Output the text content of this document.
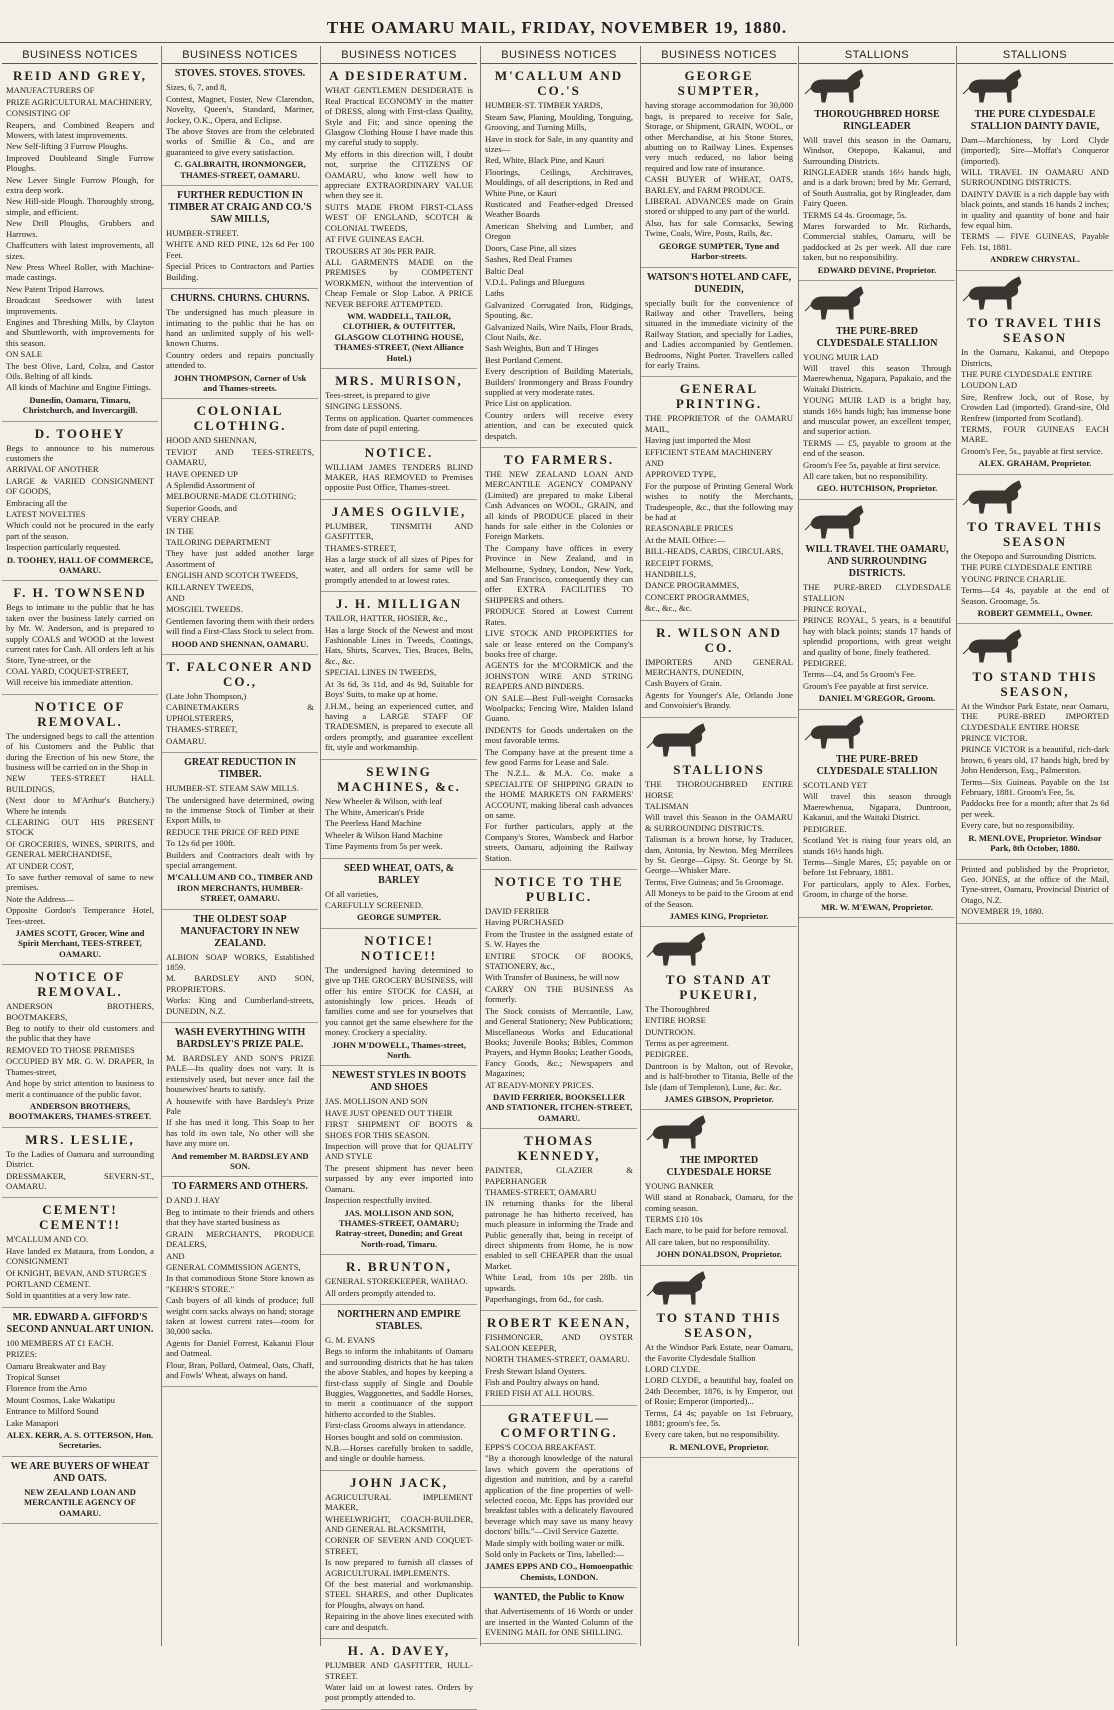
THE OAMARU MAIL, FRIDAY, NOVEMBER 19, 1880.
BUSINESS NOTICES
REID AND GREY,
MANUFACTURERS OF
PRIZE AGRICULTURAL MACHINERY,
CONSISTING OF
Reapers, and Combined Reapers and Mowers, with latest improvements.
New Self-lifting 3 Furrow Ploughs.
Improved Doubleand Single Furrow Ploughs.
New Lever Single Furrow Plough, for extra deep work.
New Hill-side Plough. Thoroughly strong, simple, and efficient.
New Drill Ploughs, Grubbers and Harrows.
Chaffcutters with latest improvements, all sizes.
New Press Wheel Roller, with Machine-made castings.
New Patent Tripod Harrows.
Broadcast Seedsower with latest improvements.
Engines and Threshing Mills, by Clayton and Shuttleworth, with improvements for this season.
ON SALE
The best Olive, Lard, Colza, and Castor Oils. Belting of all kinds.
All kinds of Machine and Engine Fittings.
Dunedin, Oamaru, Timaru, Christchurch, and Invercargill.
D. TOOHEY
Begs to announce to his numerous customers the
ARRIVAL OF ANOTHER
LARGE & VARIED CONSIGNMENT OF GOODS,
Embracing all the
LATEST NOVELTIES
Which could not be procured in the early part of the season.
Inspection particularly requested.
D. TOOHEY, HALL OF COMMERCE, OAMARU.
F. H. TOWNSEND
Begs to intimate to the public that he has taken over the business lately carried on by Mr. W. Anderson, and is prepared to supply COALS and WOOD at the lowest current rates for Cash. All orders left at his Store, Tyne-street, or the
COAL YARD, COQUET-STREET,
Will receive his immediate attention.
NOTICE OF REMOVAL.
The undersigned begs to call the attention of his Customers and the Public that during the Erection of his new Store, the business will be carried on in the Shop in
NEW TEES-STREET HALL BUILDINGS,
(Next door to M'Arthur's Butchery.) Where he intends
CLEARING OUT HIS PRESENT STOCK
Of GROCERIES, WINES, SPIRITS, and GENERAL MERCHANDISE,
AT UNDER COST,
To save further removal of same to new premises.
Note the Address—
Opposite Gordon's Temperance Hotel, Tees-street.
JAMES SCOTT, Grocer, Wine and Spirit Merchant, TEES-STREET, OAMARU.
NOTICE OF REMOVAL.
ANDERSON BROTHERS, BOOTMAKERS,
Beg to notify to their old customers and the public that they have
REMOVED TO THOSE PREMISES
OCCUPIED BY MR. G. W. DRAPER, In Thames-street,
And hope by strict attention to business to merit a continuance of the public favor.
ANDERSON BROTHERS, BOOTMAKERS, THAMES-STREET.
MRS. LESLIE,
To the Ladies of Oamaru and surrounding District.
DRESSMAKER, SEVERN-ST., OAMARU.
CEMENT! CEMENT!!
M'CALLUM AND CO.
Have landed ex Mataura, from London, a CONSIGNMENT
Of KNIGHT, BEVAN, AND STURGE'S
PORTLAND CEMENT.
Sold in quantities at a very low rate.
MR. EDWARD A. GIFFORD'S SECOND ANNUAL ART UNION.
100 MEMBERS AT £1 EACH.
PRIZES:
Oamaru Breakwater and Bay
Tropical Sunset
Florence from the Arno
Mount Cosmos, Lake Wakatipu
Entrance to Milford Sound
Lake Manapori
ALEX. KERR, A. S. OTTERSON, Hon. Secretaries.
WE ARE BUYERS OF WHEAT AND OATS.
NEW ZEALAND LOAN AND MERCANTILE AGENCY OF OAMARU.
BUSINESS NOTICES
STOVES. STOVES. STOVES.
Sizes, 6, 7, and 8,
Contest, Magnet, Foster, New Clarendon, Novelty, Queen's, Standard, Mariner, Jockey, O.K., Opera, and Eclipse.
The above Stoves are from the celebrated works of Smillie & Co., and are guaranteed to give every satisfaction.
C. GALBRAITH, IRONMONGER, THAMES-STREET, OAMARU.
FURTHER REDUCTION IN TIMBER AT CRAIG AND CO.'S SAW MILLS,
HUMBER-STREET.
WHITE AND RED PINE, 12s 6d Per 100 Feet.
Special Prices to Contractors and Parties Building.
CHURNS. CHURNS. CHURNS.
The undersigned has much pleasure in intimating to the public that he has on hand an unlimited supply of his well-known Churns.
Country orders and repairs punctually attended to.
JOHN THOMPSON, Corner of Usk and Thames-streets.
COLONIAL CLOTHING.
HOOD AND SHENNAN,
TEVIOT AND TEES-STREETS, OAMARU,
HAVE OPENED UP
A Splendid Assortment of
MELBOURNE-MADE CLOTHING;
Superior Goods, and
VERY CHEAP.
IN THE
TAILORING DEPARTMENT
They have just added another large Assortment of
ENGLISH AND SCOTCH TWEEDS,
KILLARNEY TWEEDS,
AND
MOSGIEL TWEEDS.
Gentlemen favoring them with their orders will find a First-Class Stock to select from.
HOOD AND SHENNAN, OAMARU.
T. FALCONER AND CO.,
(Late John Thompson,)
CABINETMAKERS & UPHOLSTERERS,
THAMES-STREET,
OAMARU.
GREAT REDUCTION IN TIMBER.
HUMBER-ST. STEAM SAW MILLS.
The undersigned have determined, owing to the immense Stock of Timber at their Export Mills, to
REDUCE THE PRICE OF RED PINE
To 12s 6d per 100ft.
Builders and Contractors dealt with by special arrangement.
M'CALLUM AND CO., TIMBER AND IRON MERCHANTS, HUMBER-STREET, OAMARU.
THE OLDEST SOAP MANUFACTORY IN NEW ZEALAND.
ALBION SOAP WORKS, Established 1859.
M. BARDSLEY AND SON, PROPRIETORS.
Works: King and Cumberland-streets, DUNEDIN, N.Z.
WASH EVERYTHING WITH BARDSLEY'S PRIZE PALE.
M. BARDSLEY AND SON'S PRIZE PALE—Its quality does not vary. It is extensively used, but never once fail the housewives' hearts to satisfy.
A housewife with have Bardsley's Prize Pale
If she has used it long. This Soap to her has told its own tale, No other will she have any more on.
And remember M. BARDSLEY AND SON.
TO FARMERS AND OTHERS.
D AND J. HAY
Beg to intimate to their friends and others that they have started business as
GRAIN MERCHANTS, PRODUCE DEALERS,
AND
GENERAL COMMISSION AGENTS,
In that commodious Stone Store known as "KEHR'S STORE."
Cash buyers of all kinds of produce; full weight corn sacks always on hand; storage taken at lowest current rates—room for 30,000 sacks.
Agents for Daniel Forrest, Kakanui Flour and Oatmeal.
Flour, Bran, Pollard, Oatmeal, Oats, Chaff, and Fowls' Wheat, always on hand.
BUSINESS NOTICES
A DESIDERATUM.
WHAT GENTLEMEN DESIDERATE is Real Practical ECONOMY in the matter of DRESS, along with First-class Quality, Style and Fit; and since opening the Glasgow Clothing House I have made this my careful study to supply.
My efforts in this direction will, I doubt not, surprise the CITIZENS OF OAMARU, who know well how to appreciate EXTRAORDINARY VALUE when they see it.
SUITS MADE FROM FIRST-CLASS WEST OF ENGLAND, SCOTCH & COLONIAL TWEEDS,
AT FIVE GUINEAS EACH.
TROUSERS AT 30s PER PAIR.
ALL GARMENTS MADE on the PREMISES by COMPETENT WORKMEN, without the intervention of Cheap Female or Slop Labor. A PRICE NEVER BEFORE ATTEMPTED.
WM. WADDELL, TAILOR, CLOTHIER, & OUTFITTER, GLASGOW CLOTHING HOUSE, THAMES-STREET, (Next Alliance Hotel.)
MRS. MURISON,
Tees-street, is prepared to give
SINGING LESSONS.
Terms on application. Quarter commences from date of pupil entering.
NOTICE.
WILLIAM JAMES TENDERS BLIND MAKER, HAS REMOVED to Premises opposite Post Office, Thames-street.
JAMES OGILVIE,
PLUMBER, TINSMITH AND GASFITTER,
THAMES-STREET,
Has a large stock of all sizes of Pipes for water, and all orders for same will be promptly attended to at lowest rates.
J. H. MILLIGAN
TAILOR, HATTER, HOSIER, &c.,
Has a large Stock of the Newest and most Fashionable Lines in Tweeds, Coatings, Hats, Shirts, Scarves, Ties, Braces, Belts, &c., &c.
SPECIAL LINES IN TWEEDS,
At 3s 6d, 3s 11d, and 4s 9d, Suitable for Boys' Suits, to make up at home.
J.H.M., being an experienced cutter, and having a LARGE STAFF OF TRADESMEN, is prepared to execute all orders promptly, and guarantee excellent fit, style and workmanship.
SEWING MACHINES, &c.
New Wheeler & Wilson, with leaf
The White, American's Pride
The Peerless Hand Machine
Wheeler & Wilson Hand Machine
Time Payments from 5s per week.
SEED WHEAT, OATS, & BARLEY
Of all varieties,
CAREFULLY SCREENED.
GEORGE SUMPTER.
NOTICE! NOTICE!!
The undersigned having determined to give up THE GROCERY BUSINESS, will offer his entire STOCK for CASH, at astonishingly low prices. Heads of families come and see for yourselves that you cannot get the same elsewhere for the money. Crockery a speciality.
JOHN M'DOWELL, Thames-street, North.
NEWEST STYLES IN BOOTS AND SHOES
JAS. MOLLISON AND SON
HAVE JUST OPENED OUT THEIR
FIRST SHIPMENT OF BOOTS & SHOES FOR THIS SEASON.
Inspection will prove that for QUALITY AND STYLE
The present shipment has never been surpassed by any ever imported into Oamaru.
Inspection respectfully invited.
JAS. MOLLISON AND SON, THAMES-STREET, OAMARU; Ratray-street, Dunedin; and Great North-road, Timaru.
R. BRUNTON,
GENERAL STOREKEEPER, WAIHAO.
All orders promptly attended to.
NORTHERN AND EMPIRE STABLES.
G. M. EVANS
Begs to inform the inhabitants of Oamaru and surrounding districts that he has taken the above Stables, and hopes by keeping a first-class supply of Single and Double Buggies, Waggonettes, and Saddle Horses, to merit a continuance of the support hitherto accorded to the Stables.
First-class Grooms always in attendance.
Horses bought and sold on commission.
N.B.—Horses carefully broken to saddle, and single or double harness.
JOHN JACK,
AGRICULTURAL IMPLEMENT MAKER,
WHEELWRIGHT, COACH-BUILDER, AND GENERAL BLACKSMITH,
CORNER OF SEVERN AND COQUET-STREET,
Is now prepared to furnish all classes of AGRICULTURAL IMPLEMENTS.
Of the best material and workmanship. STEEL SHARES, and other Duplicates for Ploughs, always on hand.
Repairing in the above lines executed with care and despatch.
H. A. DAVEY,
PLUMBER AND GASFITTER, HULL-STREET.
Water laid on at lowest rates. Orders by post promptly attended to.
BUSINESS NOTICES
M'CALLUM AND CO.'S
HUMBER-ST. TIMBER YARDS,
Steam Saw, Planing, Moulding, Tonguing, Grooving, and Turning Mills,
Have in stock for Sale, in any quantity and sizes—
Red, White, Black Pine, and Kauri
Floorings, Ceilings, Architraves, Mouldings, of all descriptions, in Red and White Pine, or Kauri
Rusticated and Feather-edged Dressed Weather Boards
American Shelving and Lumber, and Oregon
Doors, Case Pine, all sizes
Sashes, Red Deal Frames
Baltic Deal
V.D.L. Palings and Blueguns
Laths
Galvanized Corrugated Iron, Ridgings, Spouting, &c.
Galvanized Nails, Wire Nails, Floor Brads, Clout Nails, &c.
Sash Weights, Butt and T Hinges
Best Portland Cement.
Every description of Building Materials, Builders' Ironmongery and Brass Foundry supplied at very moderate rates.
Price List on application.
Country orders will receive every attention, and can be executed quick despatch.
TO FARMERS.
THE NEW ZEALAND LOAN AND MERCANTILE AGENCY COMPANY (Limited) are prepared to make Liberal Cash Advances on WOOL, GRAIN, and all kinds of PRODUCE placed in their hands for sale either in the Colonies or Foreign Markets.
The Company have offices in every Province in New Zealand, and in Melbourne, Sydney, London, New York, and San Francisco, consequently they can offer EXTRA FACILITIES TO SHIPPERS and others.
PRODUCE Stored at Lowest Current Rates.
LIVE STOCK AND PROPERTIES for sale or lease entered on the Company's books free of charge.
AGENTS for the M'CORMICK and the JOHNSTON WIRE AND STRING REAPERS AND BINDERS.
ON SALE—Best Full-weight Cornsacks Woolpacks; Fencing Wire, Malden Island Guano.
INDENTS for Goods undertaken on the most favorable terms.
The Company have at the present time a few good Farms for Lease and Sale.
The N.Z.L. & M.A. Co. make a SPECIALITE OF SHIPPING GRAIN to the HOME MARKETS ON FARMERS' ACCOUNT, making liberal cash advances on same.
For further particulars, apply at the Company's Stores, Wansbeck and Harbor streets, Oamaru, adjoining the Railway Station.
NOTICE TO THE PUBLIC.
DAVID FERRIER
Having PURCHASED
From the Trustee in the assigned estate of S. W. Hayes the
ENTIRE STOCK OF BOOKS, STATIONERY, &c.,
With Transfer of Business, he will now
CARRY ON THE BUSINESS As formerly.
The Stock consists of Mercantile, Law, and General Stationery; New Publications; Miscellaneous Works and Educational Books; Juvenile Books; Bibles, Common Prayers, and Hymn Books; Leather Goods, Fancy Goods, &c.; Newspapers and Magazines;
AT READY-MONEY PRICES.
DAVID FERRIER, BOOKSELLER AND STATIONER, ITCHEN-STREET, OAMARU.
THOMAS KENNEDY,
PAINTER, GLAZIER & PAPERHANGER
THAMES-STREET, OAMARU
IN returning thanks for the liberal patronage he has hitherto received, has much pleasure in informing the Trade and Public generally that, being in receipt of direct shipments from Home, he is now enabled to sell CHEAPER than the usual Market.
White Lead, from 10s per 28lb. tin upwards.
Paperhangings, from 6d., for cash.
ROBERT KEENAN,
FISHMONGER, AND OYSTER SALOON KEEPER,
NORTH THAMES-STREET, OAMARU.
Fresh Stewart Island Oysters.
Fish and Poultry always on hand.
FRIED FISH AT ALL HOURS.
GRATEFUL—COMFORTING.
EPPS'S COCOA BREAKFAST.
"By a thorough knowledge of the natural laws which govern the operations of digestion and nutrition, and by a careful application of the fine properties of well-selected cocoa, Mr. Epps has provided our breakfast tables with a delicately flavoured beverage which may save us many heavy doctors' bills."—Civil Service Gazette.
Made simply with boiling water or milk.
Sold only in Packets or Tins, labelled:—
JAMES EPPS AND CO., Homoeopathic Chemists, LONDON.
WANTED, the Public to Know
that Advertisements of 16 Words or under are inserted in the Wanted Column of the EVENING MAIL for ONE SHILLING.
BUSINESS NOTICES
GEORGE SUMPTER,
having storage accommodation for 30,000 bags, is prepared to receive for Sale, Storage, or Shipment, GRAIN, WOOL, or other Merchandise, at his Stone Stores, abutting on to Railway Lines. Expenses very much reduced, no labor being required and low rate of insurance.
CASH BUYER of WHEAT, OATS, BARLEY, and FARM PRODUCE.
LIBERAL ADVANCES made on Grain stored or shipped to any part of the world.
Also, has for sale Cornsacks, Sewing Twine, Coals, Wire, Posts, Rails, &c.
GEORGE SUMPTER, Tyne and Harbor-streets.
WATSON'S HOTEL AND CAFE, DUNEDIN,
specially built for the convenience of Railway and other Travellers, being situated in the immediate vicinity of the Railway Station, and specially for Ladies, and Ladies accompanied by Gentlemen. Bedrooms, Night Porter. Travellers called for early Trains.
GENERAL PRINTING.
THE PROPRIETOR of the OAMARU MAIL,
Having just imported the Most
EFFICIENT STEAM MACHINERY
AND
APPROVED TYPE,
For the purpose of Printing General Work wishes to notify the Merchants, Tradespeople, &c., that the following may be had at
REASONABLE PRICES
At the MAIL Office:—
BILL-HEADS, CARDS, CIRCULARS,
RECEIPT FORMS,
HANDBILLS,
DANCE PROGRAMMES,
CONCERT PROGRAMMES,
&c., &c., &c.
R. WILSON AND CO.
IMPORTERS AND GENERAL MERCHANTS, DUNEDIN,
Cash Buyers of Grain.
Agents for Younger's Ale, Orlando Jone and Convoisier's Brandy.
STALLIONS
THE THOROUGHBRED ENTIRE HORSE
TALISMAN
Will travel this Season in the OAMARU & SURROUNDING DISTRICTS.
Talisman is a brown horse, by Traducer, dam, Antonia, by Newton. Meg Merrilees by St. George—Gipsy. St. George by St. George—Whisker Mare.
Terms, Five Guineas; and 5s Groomage.
All Moneys to be paid to the Groom at end of the Season.
JAMES KING, Proprietor.
TO STAND AT PUKEURI,
The Thoroughbred
ENTIRE HORSE
DUNTROON.
Terms as per agreement.
PEDIGREE.
Duntroon is by Malton, out of Revoke, and is half-brother to Titania, Belle of the Isle (dam of Templeton), Lune, &c. &c.
JAMES GIBSON, Proprietor.
THE IMPORTED CLYDESDALE HORSE
YOUNG BANKER
Will stand at Ronaback, Oamaru, for the coming season.
TERMS £10 10s
Each mare, to be paid for before removal.
All care taken, but no responsibility.
JOHN DONALDSON, Proprietor.
TO STAND THIS SEASON,
At the Windsor Park Estate, near Oamaru, the Favorite Clydesdale Stallion
LORD CLYDE.
LORD CLYDE, a beautiful bay, foaled on 24th December, 1876, is by Emperor, out of Rosie; Emperor (imported)...
Terms, £4 4s; payable on 1st February, 1881; groom's fee, 5s.
Every care taken, but no responsibility.
R. MENLOVE, Proprietor.
STALLIONS
THOROUGHBRED HORSE RINGLEADER
Will travel this season in the Oamaru, Windsor, Otepopo, Kakanui, and Surrounding Districts.
RINGLEADER stands 16½ hands high, and is a dark brown; bred by Mr. Gerrard, of South Australia, got by Ringleader, dam Fairy Queen.
TERMS £4 4s. Groomage, 5s.
Mares forwarded to Mr. Richards, Commercial stables, Oamaru, will be paddocked at 2s per week. All due care taken, but no responsibility.
EDWARD DEVINE, Proprietor.
THE PURE-BRED CLYDESDALE STALLION
YOUNG MUIR LAD
Will travel this season Through Maerewhenua, Ngapara, Papakaio, and the Waitaki Districts.
YOUNG MUIR LAD is a bright bay, stands 16½ hands high; has immense bone and muscular power, an excellent temper, and superior action.
TERMS — £5, payable to groom at the end of the season.
Groom's Fee 5s, payable at first service.
All care taken, but no responsibility.
GEO. HUTCHISON, Proprietor.
WILL TRAVEL THE OAMARU, AND SURROUNDING DISTRICTS.
THE PURE-BRED CLYDESDALE STALLION
PRINCE ROYAL,
PRINCE ROYAL, 5 years, is a beautiful bay with black points; stands 17 hands of splendid proportions, with great weight and quality of bone, finely feathered.
PEDIGREE.
Terms—£4, and 5s Groom's Fee.
Groom's Fee payable at first service.
DANIEL M'GREGOR, Groom.
THE PURE-BRED CLYDESDALE STALLION
SCOTLAND YET
Will travel this season through Maerewhenua, Ngapara, Duntroon, Kakanui, and the Waitaki District.
PEDIGREE.
Scotland Yet is rising four years old, an stands 16½ hands high.
Terms—Single Mares, £5; payable on or before 1st February, 1881.
For particulars, apply to Alex. Forbes, Groom, in charge of the horse.
MR. W. M'EWAN, Proprietor.
STALLIONS
THE PURE CLYDESDALE STALLION DAINTY DAVIE,
Dam—Marchioness, by Lord Clyde (imported); Sire—Moffat's Conqueror (imported).
WILL TRAVEL IN OAMARU AND SURROUNDING DISTRICTS.
DAINTY DAVIE is a rich dapple bay with black points, and stands 16 hands 2 inches; in quality and quantity of bone and hair few equal him.
TERMS — FIVE GUINEAS, Payable Feb. 1st, 1881.
ANDREW CHRYSTAL.
TO TRAVEL THIS SEASON
In the Oamaru, Kakanui, and Otepopo Districts,
THE PURE CLYDESDALE ENTIRE
LOUDON LAD
Sire, Renfrew Jock, out of Rose, by Crowden Lad (imported). Grand-sire, Old Renfrew (imported from Scotland).
TERMS, FOUR GUINEAS EACH MARE.
Groom's Fee, 5s., payable at first service.
ALEX. GRAHAM, Proprietor.
TO TRAVEL THIS SEASON
the Otepopo and Surrounding Districts.
THE PURE CLYDESDALE ENTIRE
YOUNG PRINCE CHARLIE.
Terms—£4 4s, payable at the end of Season. Groomage, 5s.
ROBERT GEMMELL, Owner.
TO STAND THIS SEASON,
At the Windsor Park Estate, near Oamaru, THE PURE-BRED IMPORTED CLYDESDALE ENTIRE HORSE
PRINCE VICTOR.
PRINCE VICTOR is a beautiful, rich-dark brown, 6 years old, 17 hands high, bred by John Henderson, Esq., Palmerston.
Terms—Six Guineas. Payable on the 1st February, 1881. Groom's Fee, 5s.
Paddocks free for a month; after that 2s 6d per week.
Every care, but no responsibility.
R. MENLOVE, Proprietor. Windsor Park, 8th October, 1880.
Printed and published by the Proprietor, Geo. JONES, at the office of the Mail, Tyne-street, Oamaru, Provincial District of Otago, N.Z.
NOVEMBER 19, 1880.
